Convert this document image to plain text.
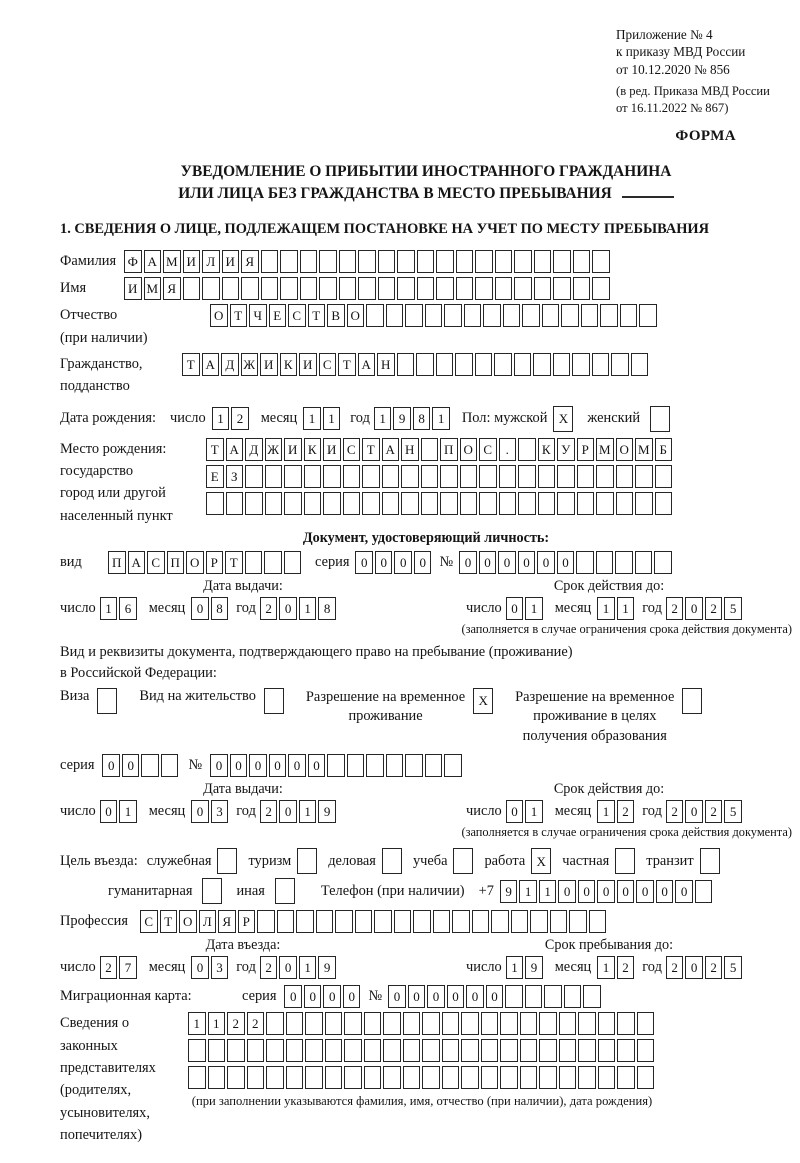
Приложение № 4
к приказу МВД России
от 10.12.2020 № 856
(в ред. Приказа МВД России
от 16.11.2022 № 867)
ФОРМА
УВЕДОМЛЕНИЕ О ПРИБЫТИИ ИНОСТРАННОГО ГРАЖДАНИНА
ИЛИ ЛИЦА БЕЗ ГРАЖДАНСТВА В МЕСТО ПРЕБЫВАНИЯ
1. СВЕДЕНИЯ О ЛИЦЕ, ПОДЛЕЖАЩЕМ ПОСТАНОВКЕ НА УЧЕТ ПО МЕСТУ ПРЕБЫВАНИЯ
Фамилия Ф А М И Л И Я
Имя	И М Я
Отчество
(при наличии)
О Т Ч Е С Т В О
Гражданство,
подданство
Т А Д Ж И К И С Т А Н
Дата рождения: число 1	2	месяц 1	1	год 1	9	8	1	Пол: мужской X	женский
Место рождения:
государство
город или другой
населенный пункт
Т А Д Ж И К И С Т А Н	П О С	.	К У Р М О М Б
Е З
Документ, удостоверяющий личность:
вид	П А С П О Р Т	серия 0	0	0	0 № 0	0	0	0	0	0
Дата выдачи:	Срок действия до:
число 1	6	месяц 0	8 год 2	0	1	8	число 0	1	месяц 1	1 год 2	0	2	5
(заполняется в случае ограничения срока действия документа)
Вид и реквизиты документа, подтверждающего право на пребывание (проживание)
в Российской Федерации:
Виза	Вид на жительство	Разрешение на временное
проживание
X	Разрешение на временное
проживание в целях
получения образования
серия	0	0	№	0	0	0	0	0	0
Дата выдачи:	Срок действия до:
число 0	1	месяц 0	3 год 2	0	1	9	число 0	1	месяц 1	2 год 2	0	2	5
(заполняется в случае ограничения срока действия документа)
Цель въезда: служебная	туризм	деловая	учеба	работа X	частная	транзит
гуманитарная	иная	Телефон (при наличии) +7 9	1	1	0	0	0	0	0	0	0
Профессия	С Т О Л Я Р
Дата въезда:	Срок пребывания до:
число 2	7	месяц 0	3 год 2	0	1	9	число 1	9	месяц 1	2 год 2	0	2	5
Миграционная карта:	серия	0	0	0	0 № 0	0	0	0	0	0
Сведения о
законных
представителях
(родителях,
усыновителях,
попечителях)
1	1	2	2
(при заполнении указываются фамилия, имя, отчество (при наличии), дата рождения)
